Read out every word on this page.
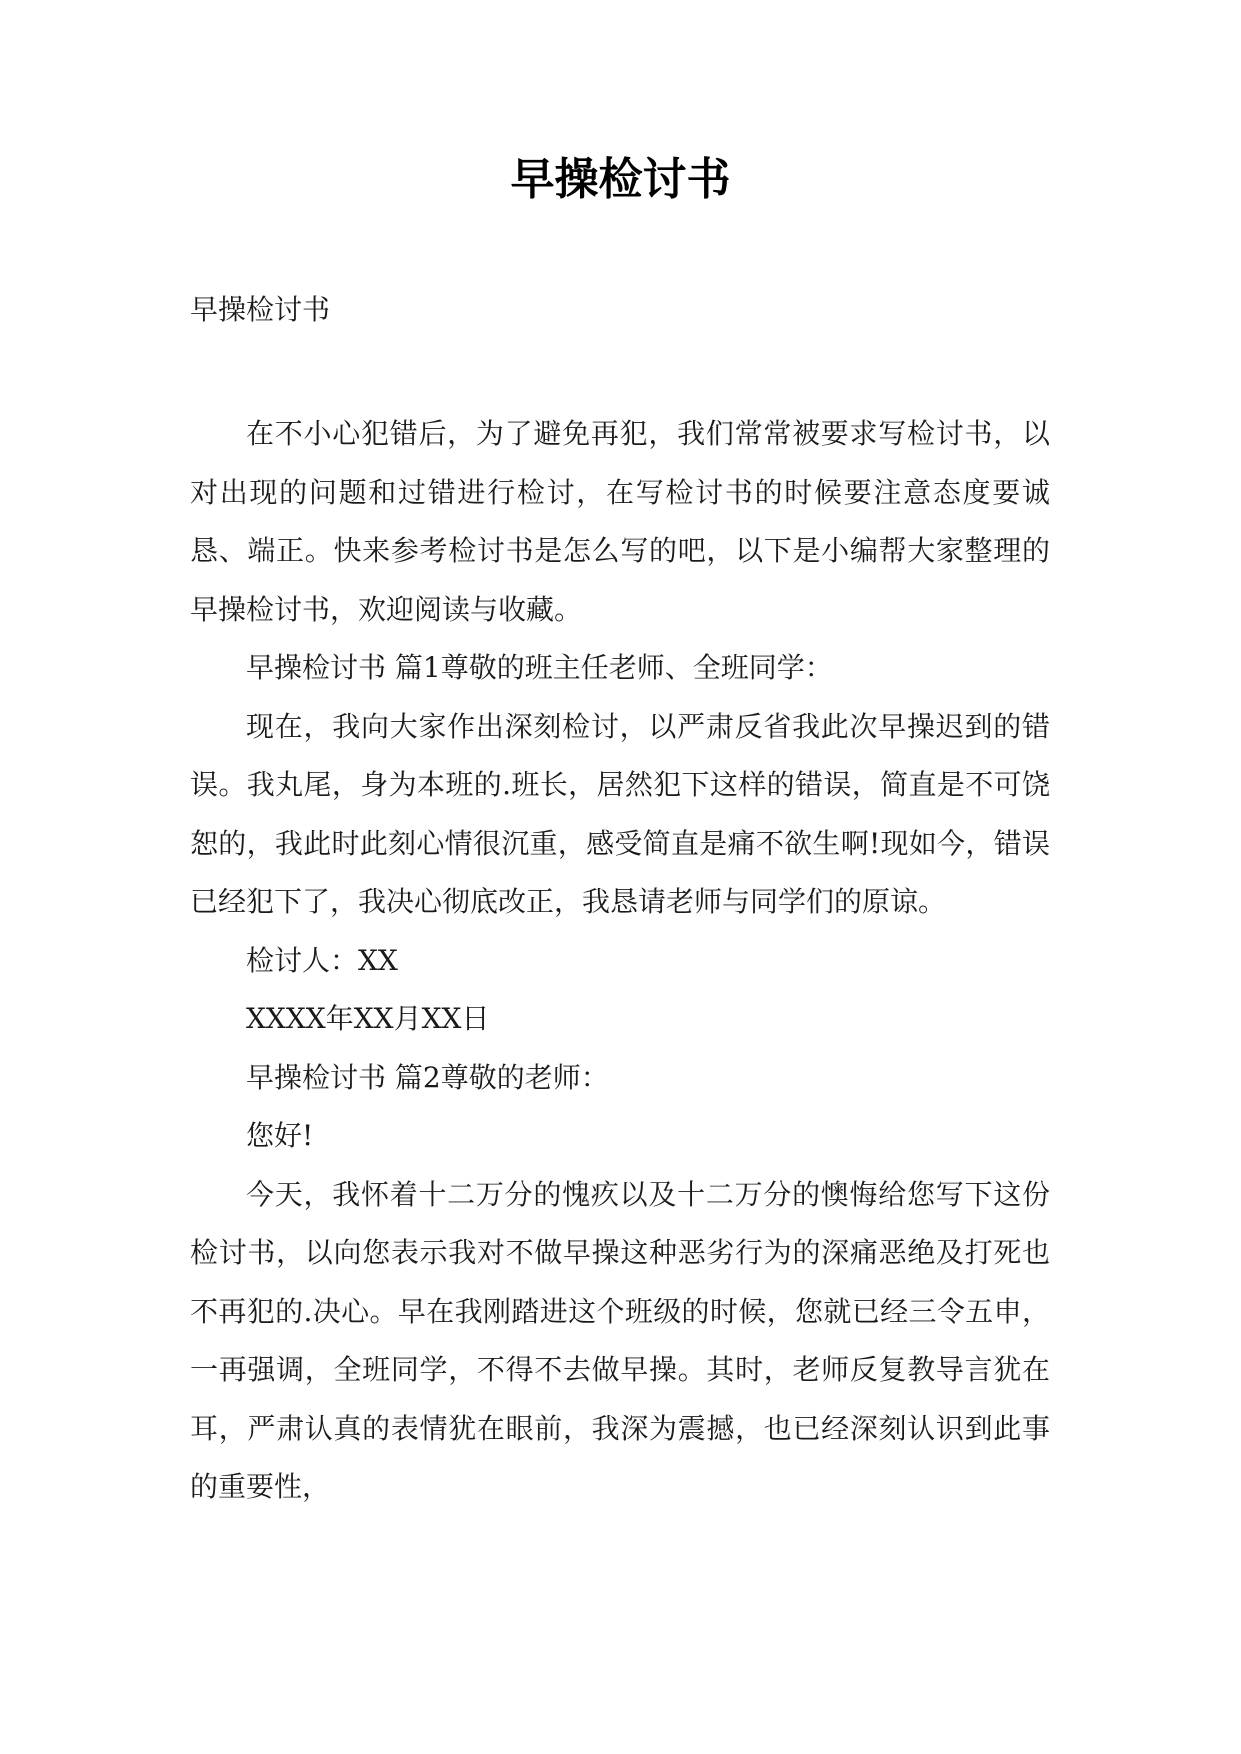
早操检讨书
早操检讨书

在不小心犯错后，为了避免再犯，我们常常被要求写检讨书，以对出现的问题和过错进行检讨，在写检讨书的时候要注意态度要诚恳、端正。快来参考检讨书是怎么写的吧，以下是小编帮大家整理的早操检讨书，欢迎阅读与收藏。

早操检讨书 篇1尊敬的班主任老师、全班同学：

现在，我向大家作出深刻检讨，以严肃反省我此次早操迟到的错误。我丸尾，身为本班的.班长，居然犯下这样的错误，简直是不可饶恕的，我此时此刻心情很沉重，感受简直是痛不欲生啊!现如今，错误已经犯下了，我决心彻底改正，我恳请老师与同学们的原谅。

检讨人：XX

XXXX年XX月XX日

早操检讨书 篇2尊敬的老师：

您好!

今天，我怀着十二万分的愧疚以及十二万分的懊悔给您写下这份检讨书，以向您表示我对不做早操这种恶劣行为的深痛恶绝及打死也不再犯的.决心。早在我刚踏进这个班级的时候，您就已经三令五申，一再强调，全班同学，不得不去做早操。其时，老师反复教导言犹在耳，严肃认真的表情犹在眼前，我深为震撼，也已经深刻认识到此事的重要性，
